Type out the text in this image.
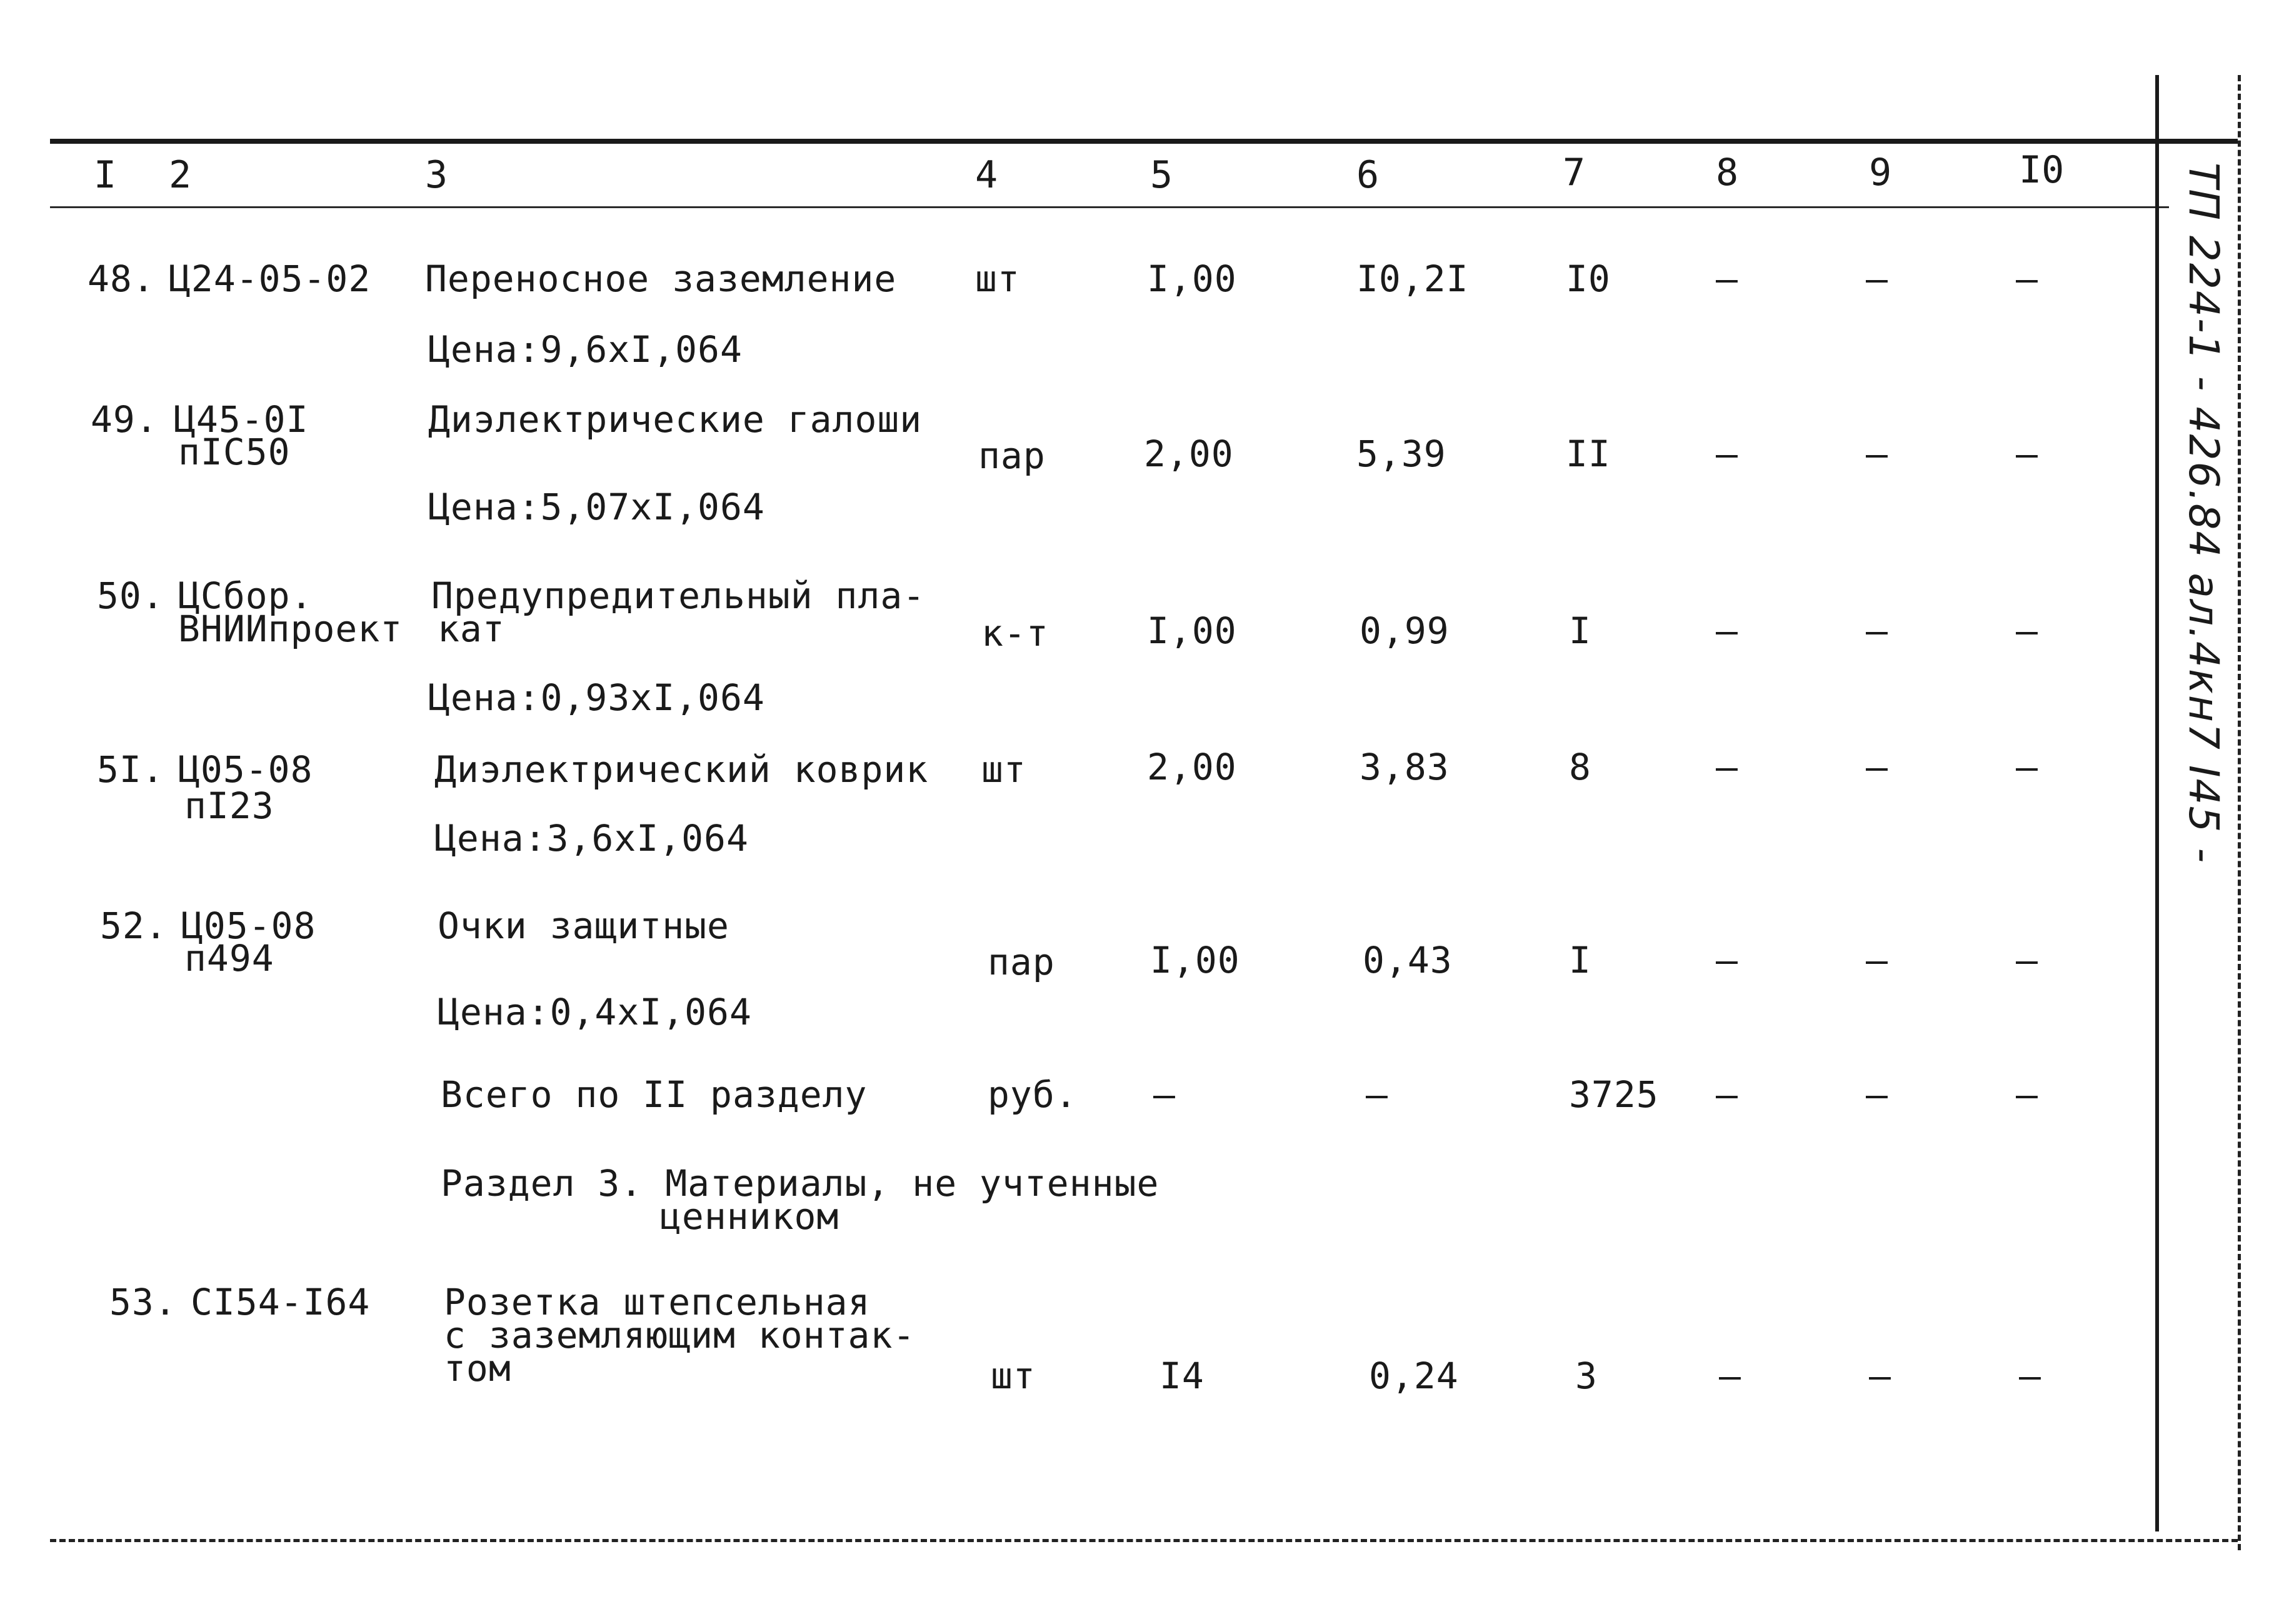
I 2	3	4	5	6	7	8	9	I0	ТП 224-1 - 426.84 ал.4кн7 I45 -
48. Ц24-05-02 Переносное заземление
Цена:9,6хI,064
шт	I,00	I0,2I	I0	–	–	–
49. Ц45-0I
пIС50
Диэлектрические галоши
Цена:5,07хI,064
пар	2,00	5,39	II	–	–	–
50. ЦСбор.
ВНИИпроект
Предупредительный пла-
кат
Цена:0,93хI,064
к-т	I,00	0,99	I	–	–	–
5I. Ц05-08
пI23
Диэлектрический коврик
Цена:3,6хI,064
шт	2,00	3,83	8	–	–	–
52. Ц05-08
п494
Очки защитные
Цена:0,4хI,064
пар	I,00	0,43	I	–	–	–
Всего по II разделу	руб. –	–	3725 –	–	–
Раздел 3. Материалы, не учтенные
ценником
53. СI54-I64 Розетка штепсельная
с заземляющим контак-
том	шт	I4	0,24	3	–	–	–
